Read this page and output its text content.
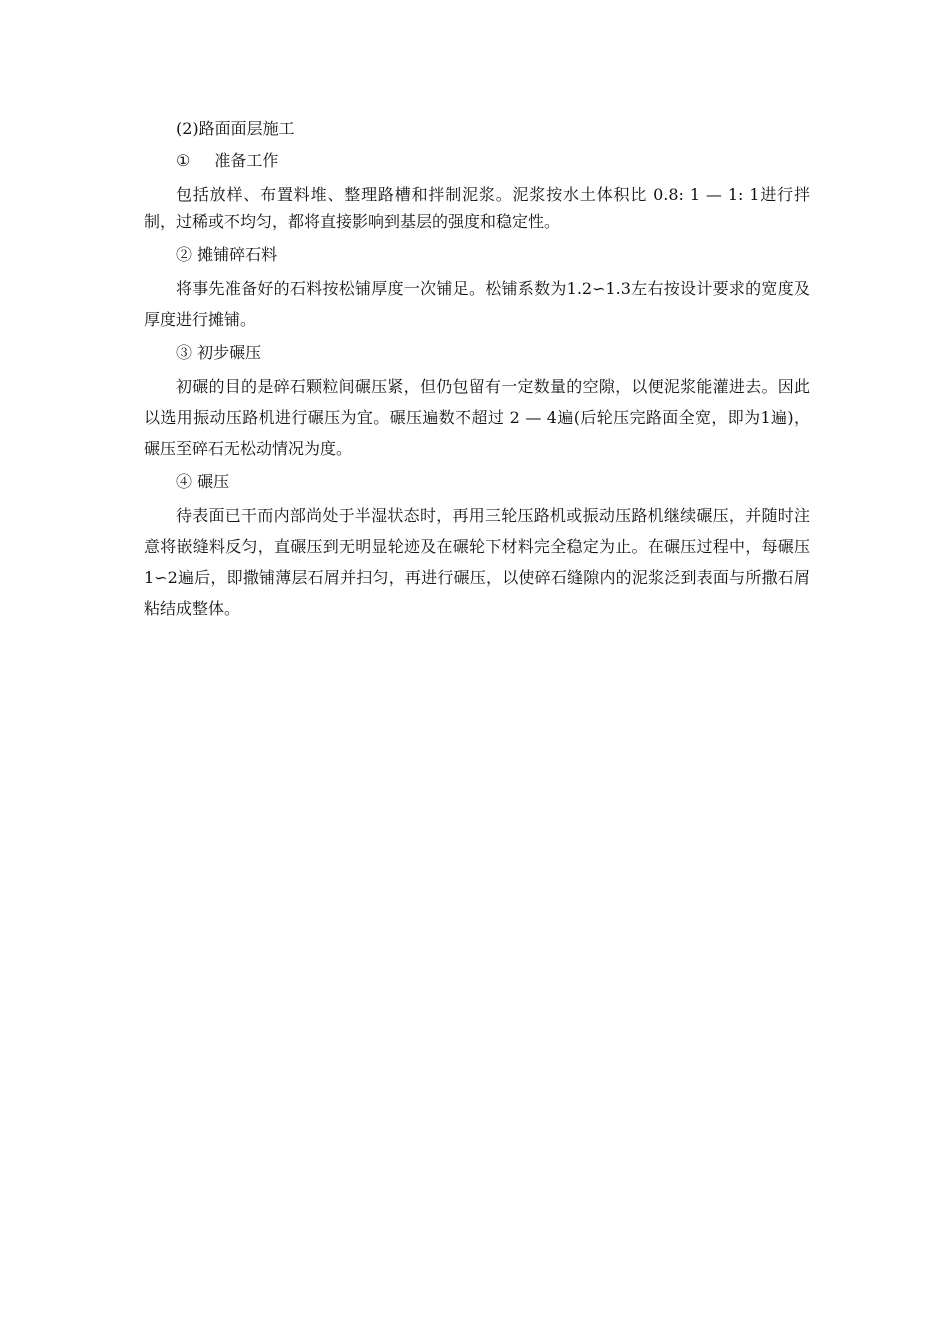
(2)路面面层施工

① 准备工作

包括放样、布置料堆、整理路槽和拌制泥浆。泥浆按水土体积比 0.8: 1 — 1: 1进行拌制，过稀或不均匀，都将直接影响到基层的强度和稳定性。

② 摊铺碎石料

将事先准备好的石料按松铺厚度一次铺足。松铺系数为1.2∽1.3左右按设计要求的宽度及厚度进行摊铺。

③ 初步碾压

初碾的目的是碎石颗粒间碾压紧，但仍包留有一定数量的空隙，以便泥浆能灌进去。因此以选用振动压路机进行碾压为宜。碾压遍数不超过 2 — 4遍(后轮压完路面全宽，即为1遍)，碾压至碎石无松动情况为度。

④ 碾压

待表面已干而内部尚处于半湿状态时，再用三轮压路机或振动压路机继续碾压，并随时注意将嵌缝料反匀，直碾压到无明显轮迹及在碾轮下材料完全稳定为止。在碾压过程中，每碾压1∽2遍后，即撒铺薄层石屑并扫匀，再进行碾压，以使碎石缝隙内的泥浆泛到表面与所撒石屑粘结成整体。
